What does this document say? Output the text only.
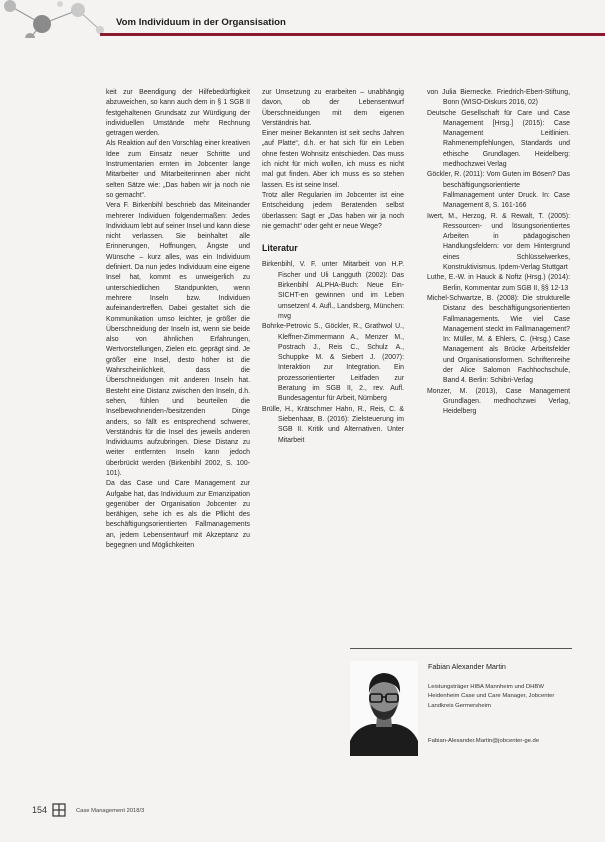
Vom Individuum in der Organsisation

keit zur Beendigung der Hilfebedürftigkeit abzuweichen, so kann auch dem in § 1 SGB II festgehaltenen Grundsatz zur Würdigung der individuellen Umstände mehr Rechnung getragen werden.

Als Reaktion auf den Vorschlag einer kreativen Idee zum Einsatz neuer Schritte und Instrumentarien ernten im Jobcenter lange Mitarbeiter und Mitarbeiterinnen aber nicht selten Sätze wie: „Das haben wir ja noch nie so gemacht“.

Vera F. Birkenbihl beschrieb das Miteinander mehrerer Individuen folgendermaßen: Jedes Individuum lebt auf seiner Insel und kann diese nicht verlassen. Sie beinhaltet alle Erinnerungen, Hoffnungen, Ängste und Wünsche – kurz alles, was ein Individuum definiert. Da nun jedes Individuum eine eigene Insel hat, kommt es unweigerlich zu unterschiedlichen Standpunkten, wenn mehrere Inseln bzw. Individuen aufeinandertreffen. Dabei gestaltet sich die Kommunikation umso leichter, je größer die Überschneidung der Inseln ist, wenn sie beide also von ähnlichen Erfahrungen, Wertvorstellungen, Zielen etc. geprägt sind. Je größer eine Insel, desto höher ist die Wahrscheinlichkeit, dass die Überschneidungen mit anderen Inseln hat. Besteht eine Distanz zwischen den Inseln, d.h. sehen, fühlen und beurteilen die Inselbewohnenden-/besitzenden Dinge anders, so fällt es entsprechend schwerer, Verständnis für die Insel des jeweils anderen Individuums aufzubringen. Diese Distanz zu weiter entfernten Inseln kann jedoch überbrückt werden (Birkenbihl 2002, S. 100-101).

Da das Case und Care Management zur Aufgabe hat, das Individuum zur Emanzipation gegenüber der Organisation Jobcenter zu berähigen, sehe ich es als die Pflicht des beschäftigungsorientierten Fallmanagements an, jedem Lebensentwurf mit Akzeptanz zu begegnen und Möglichkeiten

zur Umsetzung zu erarbeiten – unabhängig davon, ob der Lebensentwurf Überschneidungen mit dem eigenen Verständnis hat.

Einer meiner Bekannten ist seit sechs Jahren „auf Platte“, d.h. er hat sich für ein Leben ohne festen Wohnsitz entschieden. Das muss ich nicht für mich wollen, ich muss es nicht mal gut finden. Aber ich muss es so stehen lassen. Es ist seine Insel.

Trotz aller Regularien im Jobcenter ist eine Entscheidung jedem Beratenden selbst überlassen: Sagt er „Das haben wir ja noch nie gemacht“ oder geht er neue Wege?

Literatur

Birkenbihl, V. F. unter Mitarbeit von H.P. Fischer und Uli Langguth (2002): Das Birkenbihl ALPHA-Buch: Neue Ein-SICHT-en gewinnen und im Leben umsetzen! 4. Aufl., Landsberg, München: mvg

Bohrke-Petrovic S., Göckler, R., Grathwol U., Kleffner-Zimmermann A., Menzer M., Postrach J., Reis C., Schulz A., Schuppke M. & Siebert J. (2007): Interaktion zur Integration. Ein prozessorientierter Leitfaden zur Beratung im SGB II, 2., rev. Aufl. Bundesagentur für Arbeit, Nürnberg

Brülle, H., Krätschmer Hahn, R., Reis, C. & Siebenhaar, B. (2016): Zielsteuerung im SGB II. Kritik und Alternativen. Unter Mitarbeit

von Julia Biernecke. Friedrich-Ebert-Stiftung, Bonn (WISO-Diskurs 2016, 02)

Deutsche Gesellschaft für Care und Case Management [Hrsg.] (2015): Case Management Leitlinien. Rahmenempfehlungen, Standards und ethische Grundlagen. Heidelberg: medhochzwei Verlag

Göckler, R. (2011): Vom Guten im Bösen? Das beschäftigungsorientierte Fallmanagement unter Druck. In: Case Management 8, S. 161-166

Iwert, M., Herzog, R. & Rewalt, T. (2005): Ressourcen- und lösungsorientiertes Arbeiten in pädagogischen Handlungsfeldern: vor dem Hintergrund eines Schlüsselwerkes, Konstruktivismus. Ipdem-Verlag Stuttgart

Luthe, E.-W. in Hauck & Noftz (Hrsg.) (2014): Berlin, Kommentar zum SGB II, §§ 12-13

Michel-Schwartze, B. (2008): Die strukturelle Distanz des beschäftigungsorientierten Fallmanagements. Wie viel Case Management steckt im Fallmanagement? In: Müller, M. & Ehlers, C. (Hrsg.) Case Management als Brücke Arbeitsfelder und Organisationsformen. Schriftenreihe der Alice Salomon Fachhochschule, Band 4. Berlin: Schibri-Verlag

Monzer, M. (2013), Case Management Grundlagen. medhochzwei Verlag, Heidelberg

Fabian Alexander Martin
Leistungsträger HIBA Mannheim und DHBW Heidenheim Case und Care Manager, Jobcenter Landkreis Germersheim
Fabian-Alexander.Martin@jobcenter-ge.de
154	Case Management 2018/3
